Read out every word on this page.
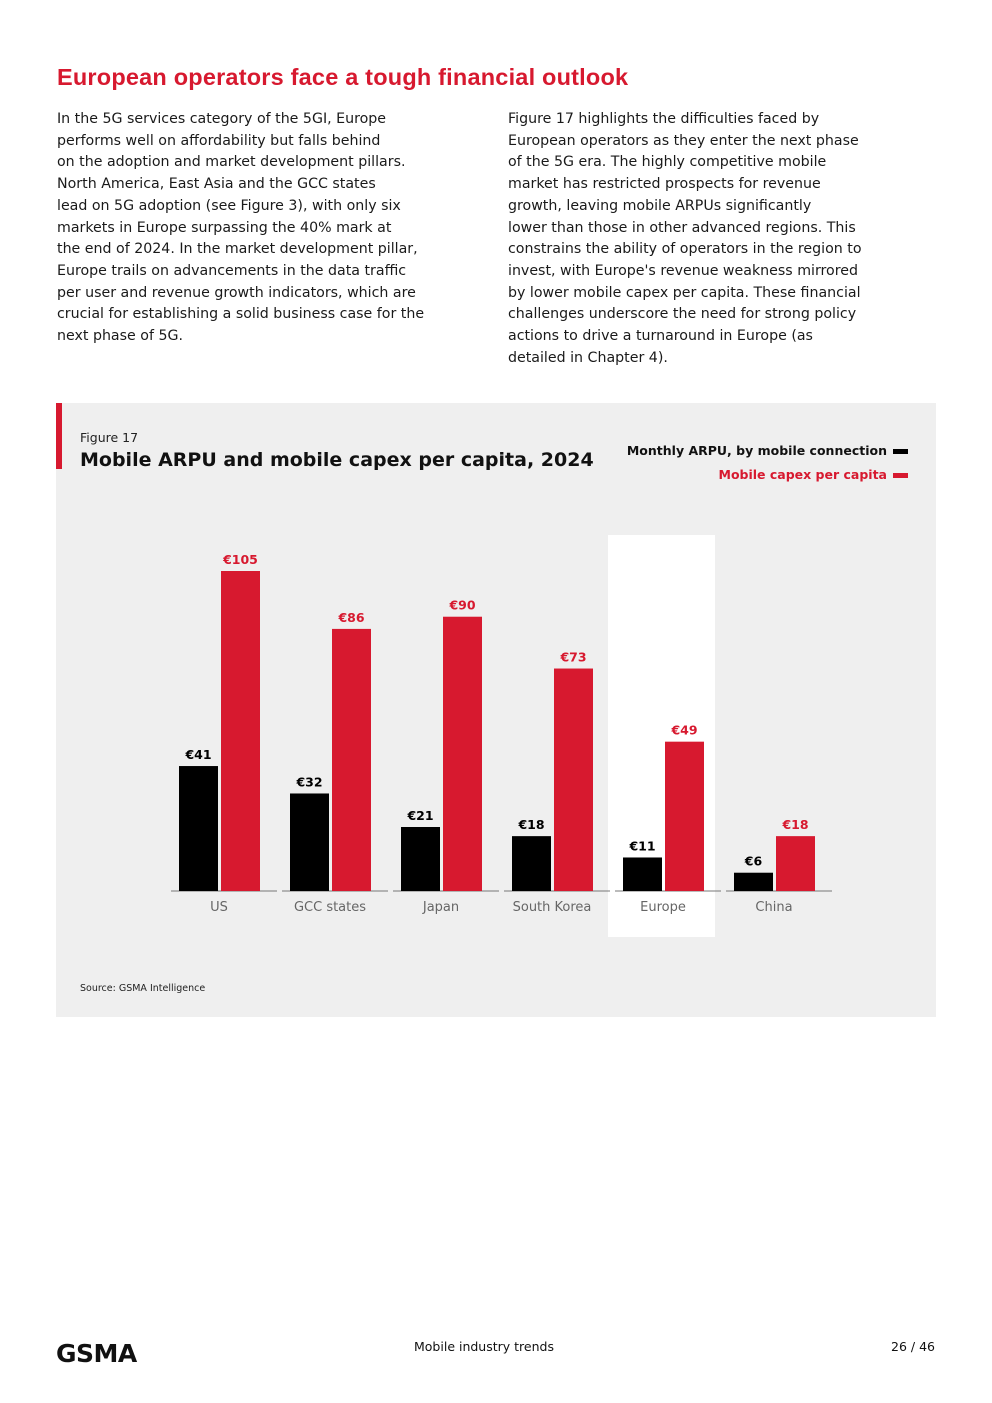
European operators face a tough financial outlook

In the 5G services category of the 5GI, Europe
performs well on affordability but falls behind
on the adoption and market development pillars.
North America, East Asia and the GCC states
lead on 5G adoption (see Figure 3), with only six
markets in Europe surpassing the 40% mark at
the end of 2024. In the market development pillar,
Europe trails on advancements in the data traffic
per user and revenue growth indicators, which are
crucial for establishing a solid business case for the
next phase of 5G.

Figure 17 highlights the difficulties faced by
European operators as they enter the next phase
of the 5G era. The highly competitive mobile
market has restricted prospects for revenue
growth, leaving mobile ARPUs significantly
lower than those in other advanced regions. This
constrains the ability of operators in the region to
invest, with Europe's revenue weakness mirrored
by lower mobile capex per capita. These financial
challenges underscore the need for strong policy
actions to drive a turnaround in Europe (as
detailed in Chapter 4).

€41
€105
US
€32
€86
GCC states
€21
€90
Japan
€18
€73
South Korea
€11
€49
Europe
€6
€18
China
Figure 17
Mobile ARPU and mobile capex per capita, 2024	Monthly ARPU, by mobile connection
Mobile capex per capita
Source: GSMA Intelligence
GSMA	Mobile industry trends	26 / 46
